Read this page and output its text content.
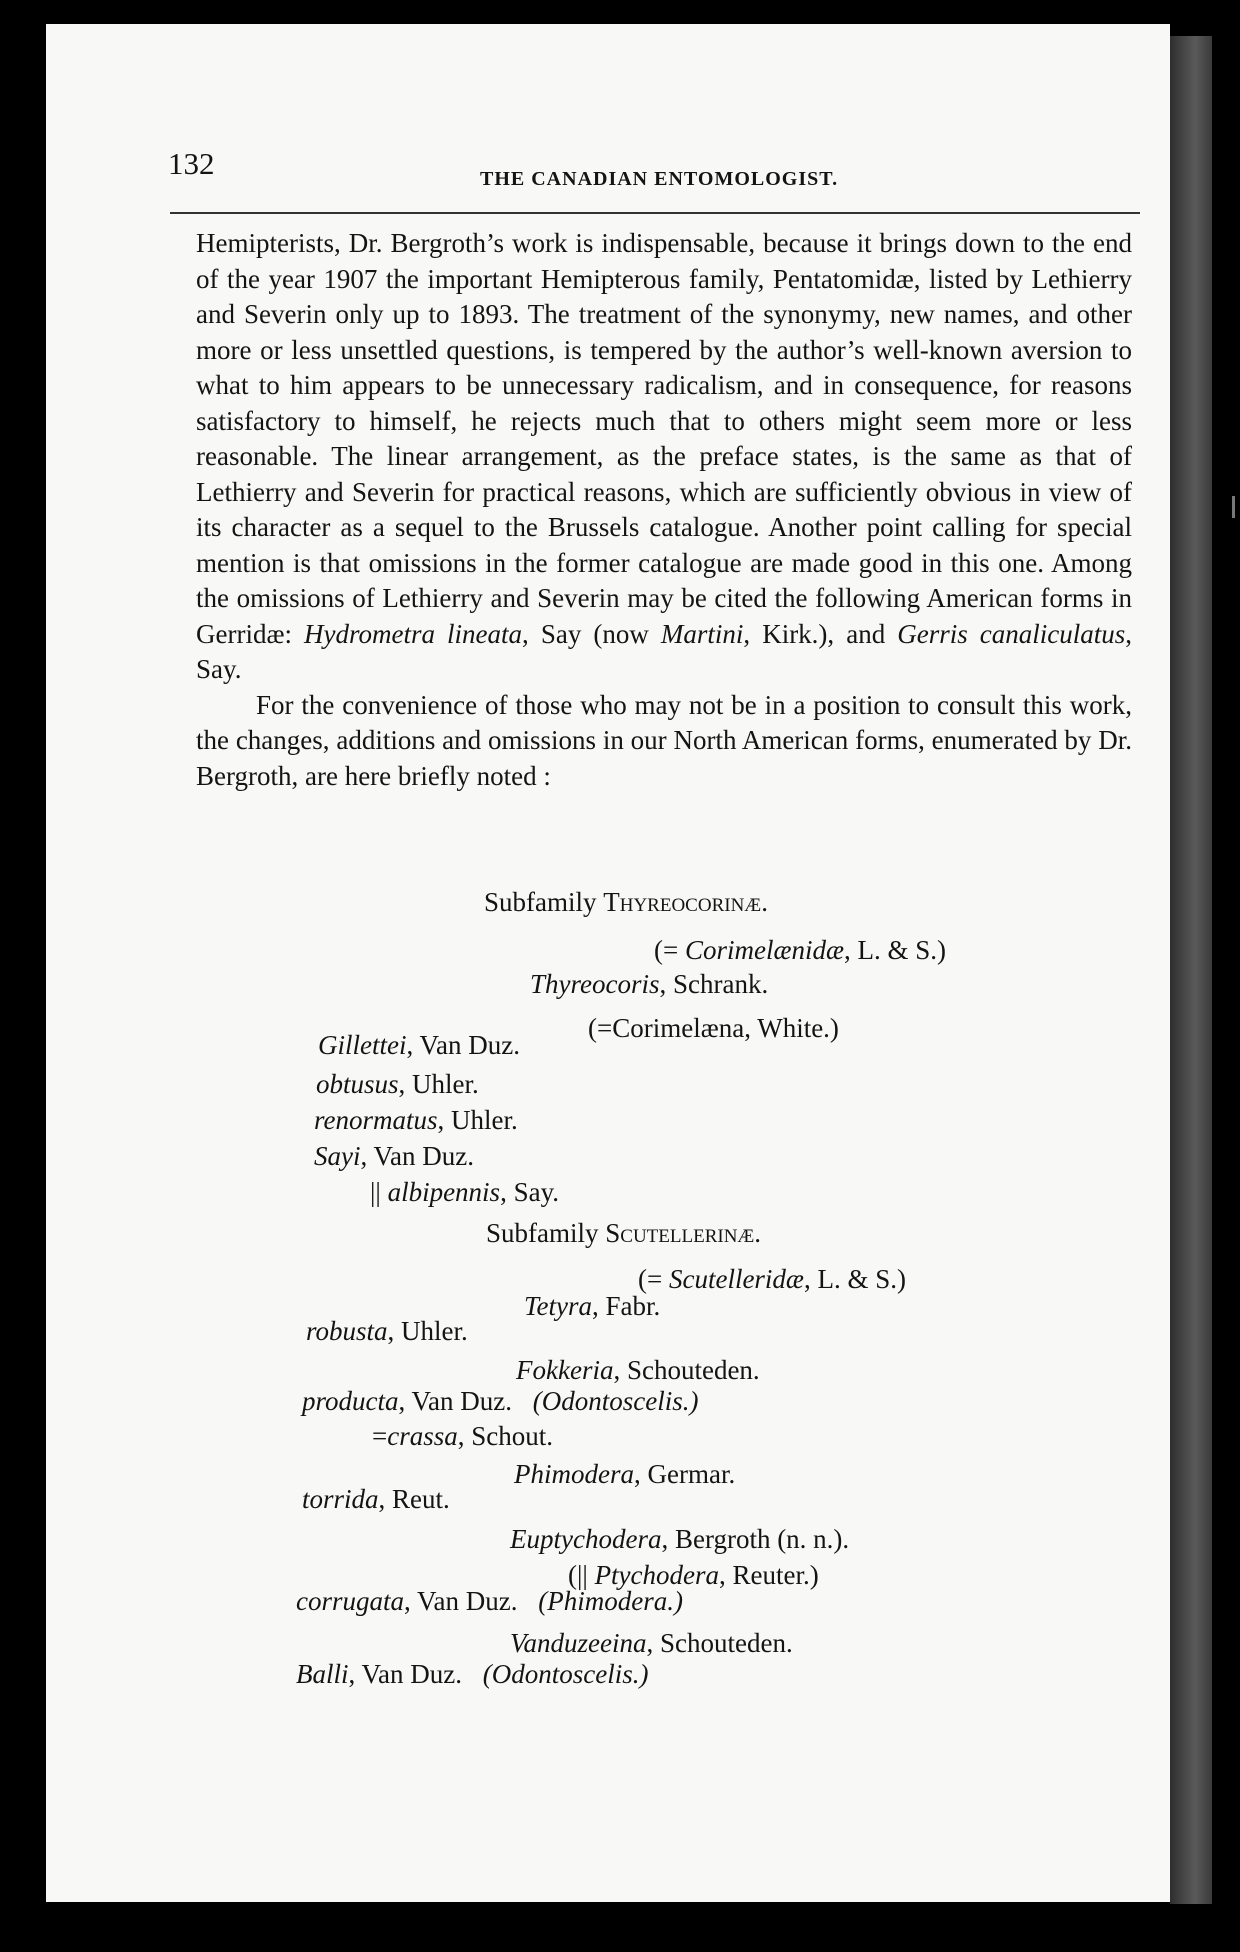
132	THE CANADIAN ENTOMOLOGIST.

Hemipterists, Dr. Bergroth’s work is indispensable, because it brings down to the end of the year 1907 the important Hemipterous family, Pentatomidæ, listed by Lethierry and Severin only up to 1893. The treatment of the synonymy, new names, and other more or less unsettled questions, is tempered by the author’s well-known aversion to what to him appears to be unnecessary radicalism, and in consequence, for reasons satisfactory to himself, he rejects much that to others might seem more or less reasonable. The linear arrangement, as the preface states, is the same as that of Lethierry and Severin for practical reasons, which are sufficiently obvious in view of its character as a sequel to the Brussels catalogue. Another point calling for special mention is that omissions in the former catalogue are made good in this one. Among the omissions of Lethierry and Severin may be cited the following American forms in Gerridæ: Hydrometra lineata, Say (now Martini, Kirk.), and Gerris canaliculatus, Say.

For the convenience of those who may not be in a position to consult this work, the changes, additions and omissions in our North American forms, enumerated by Dr. Bergroth, are here briefly noted :

Subfamily Thyreocorinæ.
(= Corimelænidæ, L. & S.)
Thyreocoris, Schrank.
(=Corimelæna, White.)
Gillettei, Van Duz.
obtusus, Uhler.
renormatus, Uhler.
Sayi, Van Duz.
|| albipennis, Say.
Subfamily Scutellerinæ.
(= Scutelleridæ, L. & S.)
Tetyra, Fabr.
robusta, Uhler.
Fokkeria, Schouteden.
producta, Van Duz. (Odontoscelis.)
=crassa, Schout.
Phimodera, Germar.
torrida, Reut.
Euptychodera, Bergroth (n. n.).
(|| Ptychodera, Reuter.)
corrugata, Van Duz. (Phimodera.)
Vanduzeeina, Schouteden.
Balli, Van Duz. (Odontoscelis.)
